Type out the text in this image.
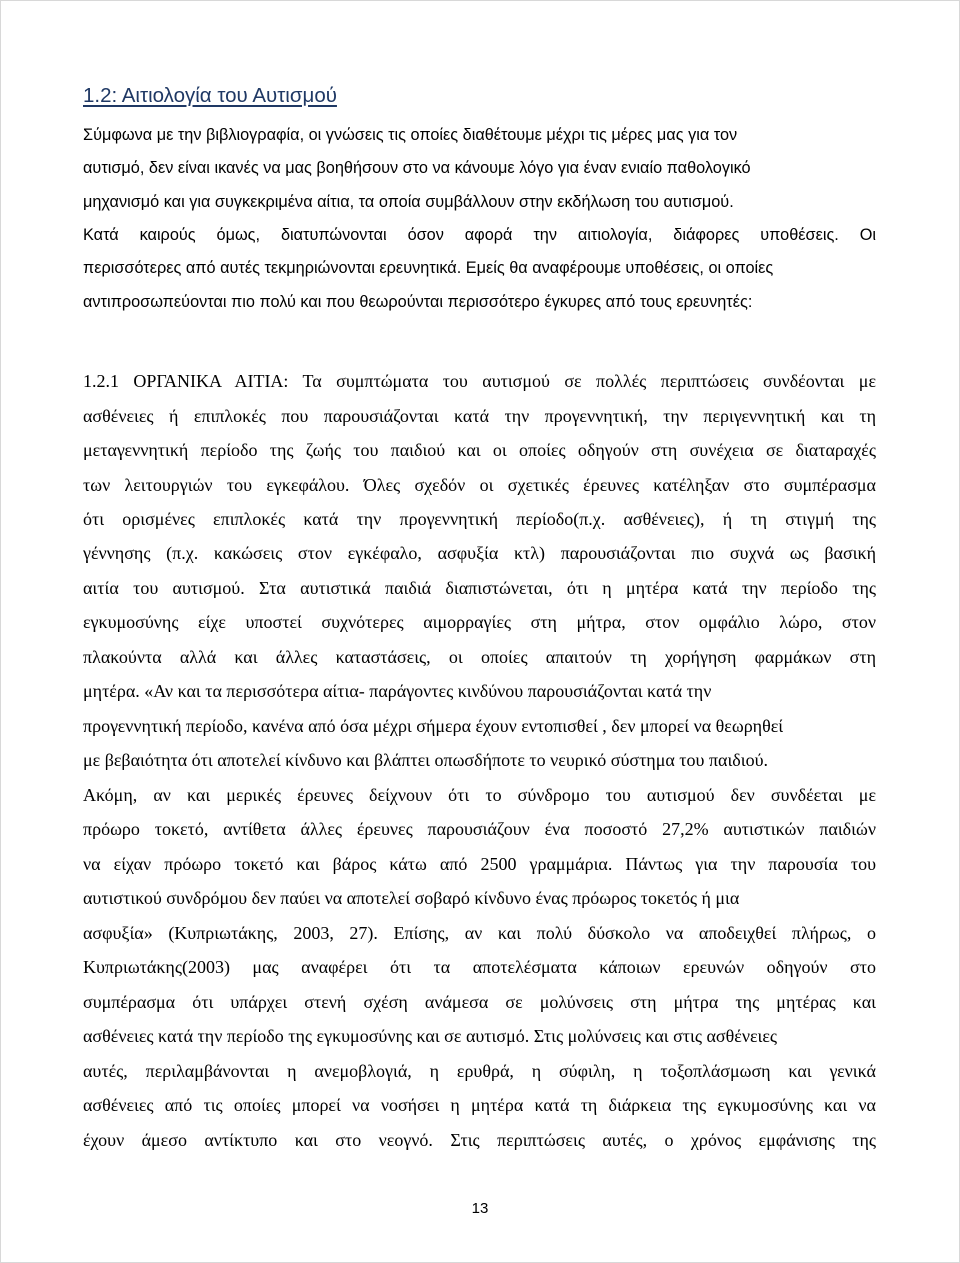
1.2: Αιτιολογία του Αυτισμού
Σύμφωνα με την βιβλιογραφία, οι γνώσεις τις οποίες διαθέτουμε μέχρι τις μέρες μας για τον
αυτισμό, δεν είναι ικανές να μας βοηθήσουν στο να κάνουμε λόγο για έναν ενιαίο παθολογικό
μηχανισμό και για συγκεκριμένα αίτια, τα οποία συμβάλλουν στην εκδήλωση του αυτισμού.
Κατά καιρούς όμως, διατυπώνονται όσον αφορά την αιτιολογία, διάφορες υποθέσεις. Οι
περισσότερες από αυτές τεκμηριώνονται ερευνητικά. Εμείς θα αναφέρουμε υποθέσεις, οι οποίες
αντιπροσωπεύονται πιο πολύ και που θεωρούνται περισσότερο έγκυρες από τους ερευνητές:
1.2.1 ΟΡΓΑΝΙΚΑ ΑΙΤΙΑ: Τα συμπτώματα του αυτισμού σε πολλές περιπτώσεις συνδέονται με
ασθένειες ή επιπλοκές που παρουσιάζονται κατά την προγεννητική, την περιγεννητική και τη
μεταγεννητική περίοδο της ζωής του παιδιού και οι οποίες οδηγούν στη συνέχεια σε διαταραχές
των λειτουργιών του εγκεφάλου. Όλες σχεδόν οι σχετικές έρευνες κατέληξαν στο συμπέρασμα
ότι ορισμένες επιπλοκές κατά την προγεννητική περίοδο(π.χ. ασθένειες), ή τη στιγμή της
γέννησης (π.χ. κακώσεις στον εγκέφαλο, ασφυξία κτλ) παρουσιάζονται πιο συχνά ως βασική
αιτία του αυτισμού. Στα αυτιστικά παιδιά διαπιστώνεται, ότι η μητέρα κατά την περίοδο της
εγκυμοσύνης είχε υποστεί συχνότερες αιμορραγίες στη μήτρα, στον ομφάλιο λώρο, στον
πλακούντα αλλά και άλλες καταστάσεις, οι οποίες απαιτούν τη χορήγηση φαρμάκων στη
μητέρα. «Αν και τα περισσότερα αίτια- παράγοντες κινδύνου παρουσιάζονται κατά την
προγεννητική περίοδο, κανένα από όσα μέχρι σήμερα έχουν εντοπισθεί , δεν μπορεί να θεωρηθεί
με βεβαιότητα ότι αποτελεί κίνδυνο και βλάπτει οπωσδήποτε το νευρικό σύστημα του παιδιού.
Ακόμη, αν και μερικές έρευνες δείχνουν ότι το σύνδρομο του αυτισμού δεν συνδέεται με
πρόωρο τοκετό, αντίθετα άλλες έρευνες παρουσιάζουν ένα ποσοστό 27,2% αυτιστικών παιδιών
να είχαν πρόωρο τοκετό και βάρος κάτω από 2500 γραμμάρια. Πάντως για την παρουσία του
αυτιστικού συνδρόμου δεν παύει να αποτελεί σοβαρό κίνδυνο ένας πρόωρος τοκετός ή μια
ασφυξία» (Κυπριωτάκης, 2003, 27). Επίσης, αν και πολύ δύσκολο να αποδειχθεί πλήρως, ο
Κυπριωτάκης(2003) μας αναφέρει ότι τα αποτελέσματα κάποιων ερευνών οδηγούν στο
συμπέρασμα ότι υπάρχει στενή σχέση ανάμεσα σε μολύνσεις στη μήτρα της μητέρας και
ασθένειες κατά την περίοδο της εγκυμοσύνης και σε αυτισμό. Στις μολύνσεις και στις ασθένειες
αυτές, περιλαμβάνονται η ανεμοβλογιά, η ερυθρά, η σύφιλη, η τοξοπλάσμωση και γενικά
ασθένειες από τις οποίες μπορεί να νοσήσει η μητέρα κατά τη διάρκεια της εγκυμοσύνης και να
έχουν άμεσο αντίκτυπο και στο νεογνό. Στις περιπτώσεις αυτές, ο χρόνος εμφάνισης της
13
